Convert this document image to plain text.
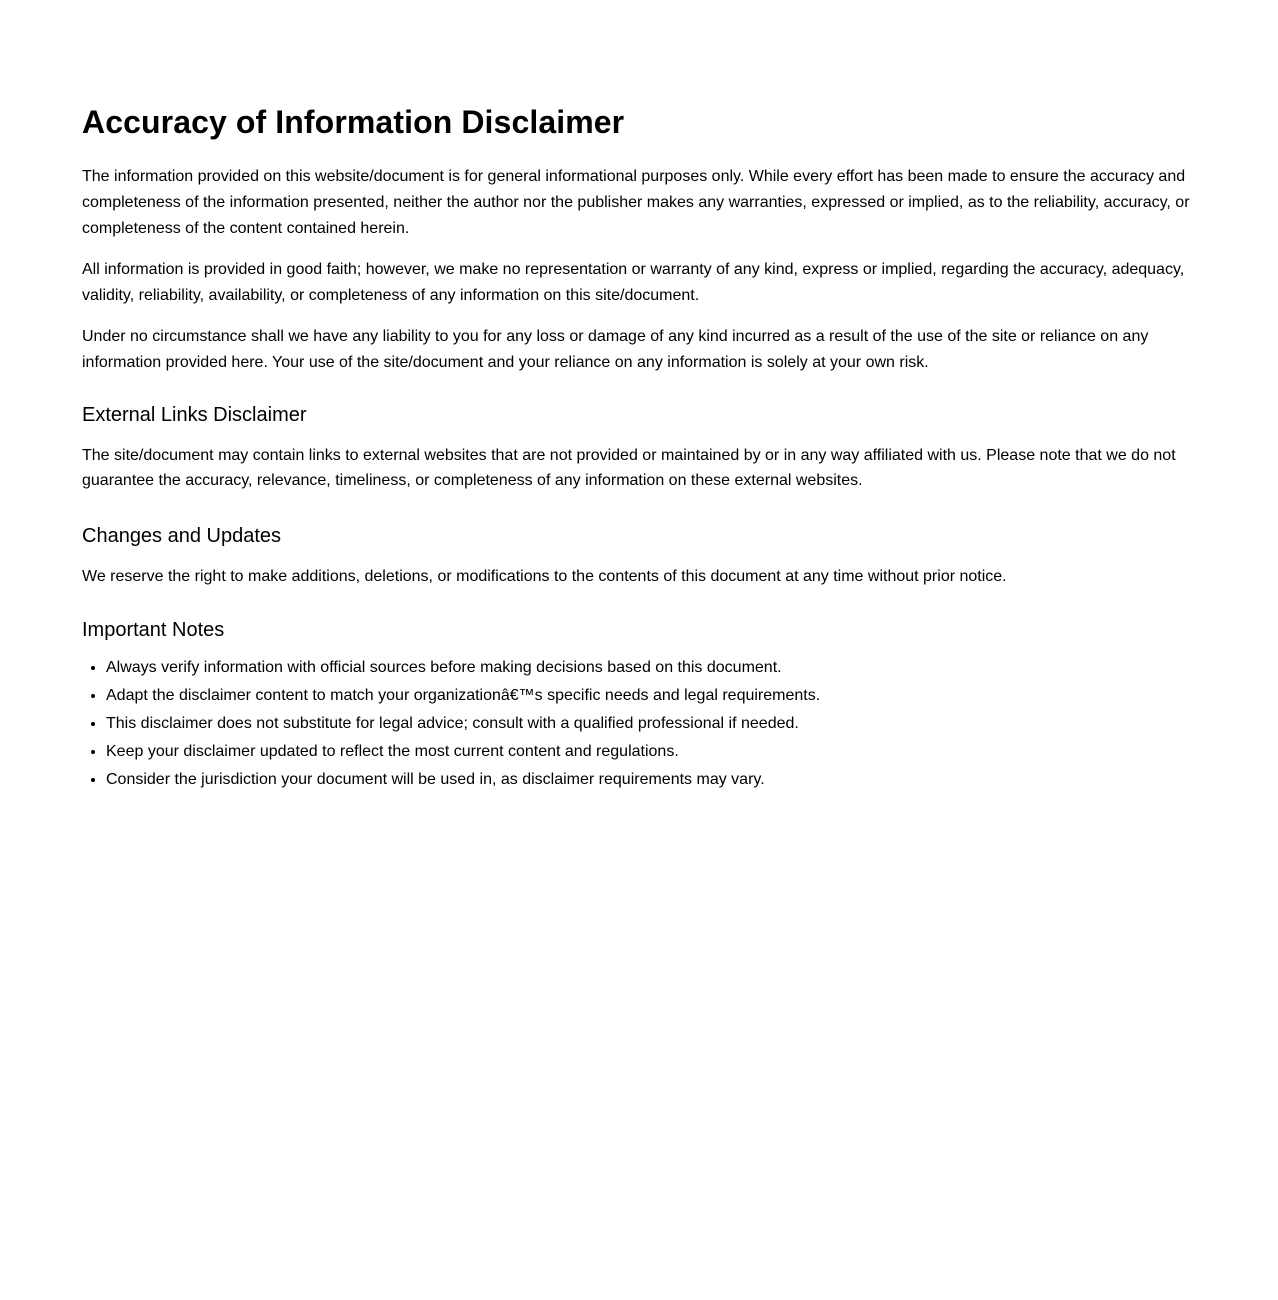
Accuracy of Information Disclaimer

The information provided on this website/document is for general informational purposes only. While every effort has been made to ensure the accuracy and completeness of the information presented, neither the author nor the publisher makes any warranties, expressed or implied, as to the reliability, accuracy, or completeness of the content contained herein.

All information is provided in good faith; however, we make no representation or warranty of any kind, express or implied, regarding the accuracy, adequacy, validity, reliability, availability, or completeness of any information on this site/document.

Under no circumstance shall we have any liability to you for any loss or damage of any kind incurred as a result of the use of the site or reliance on any information provided here. Your use of the site/document and your reliance on any information is solely at your own risk.

External Links Disclaimer

The site/document may contain links to external websites that are not provided or maintained by or in any way affiliated with us. Please note that we do not guarantee the accuracy, relevance, timeliness, or completeness of any information on these external websites.

Changes and Updates

We reserve the right to make additions, deletions, or modifications to the contents of this document at any time without prior notice.

Important Notes
• Always verify information with official sources before making decisions based on this document.
• Adapt the disclaimer content to match your organizationâ€™s specific needs and legal requirements.
• This disclaimer does not substitute for legal advice; consult with a qualified professional if needed.
• Keep your disclaimer updated to reflect the most current content and regulations.
• Consider the jurisdiction your document will be used in, as disclaimer requirements may vary.
